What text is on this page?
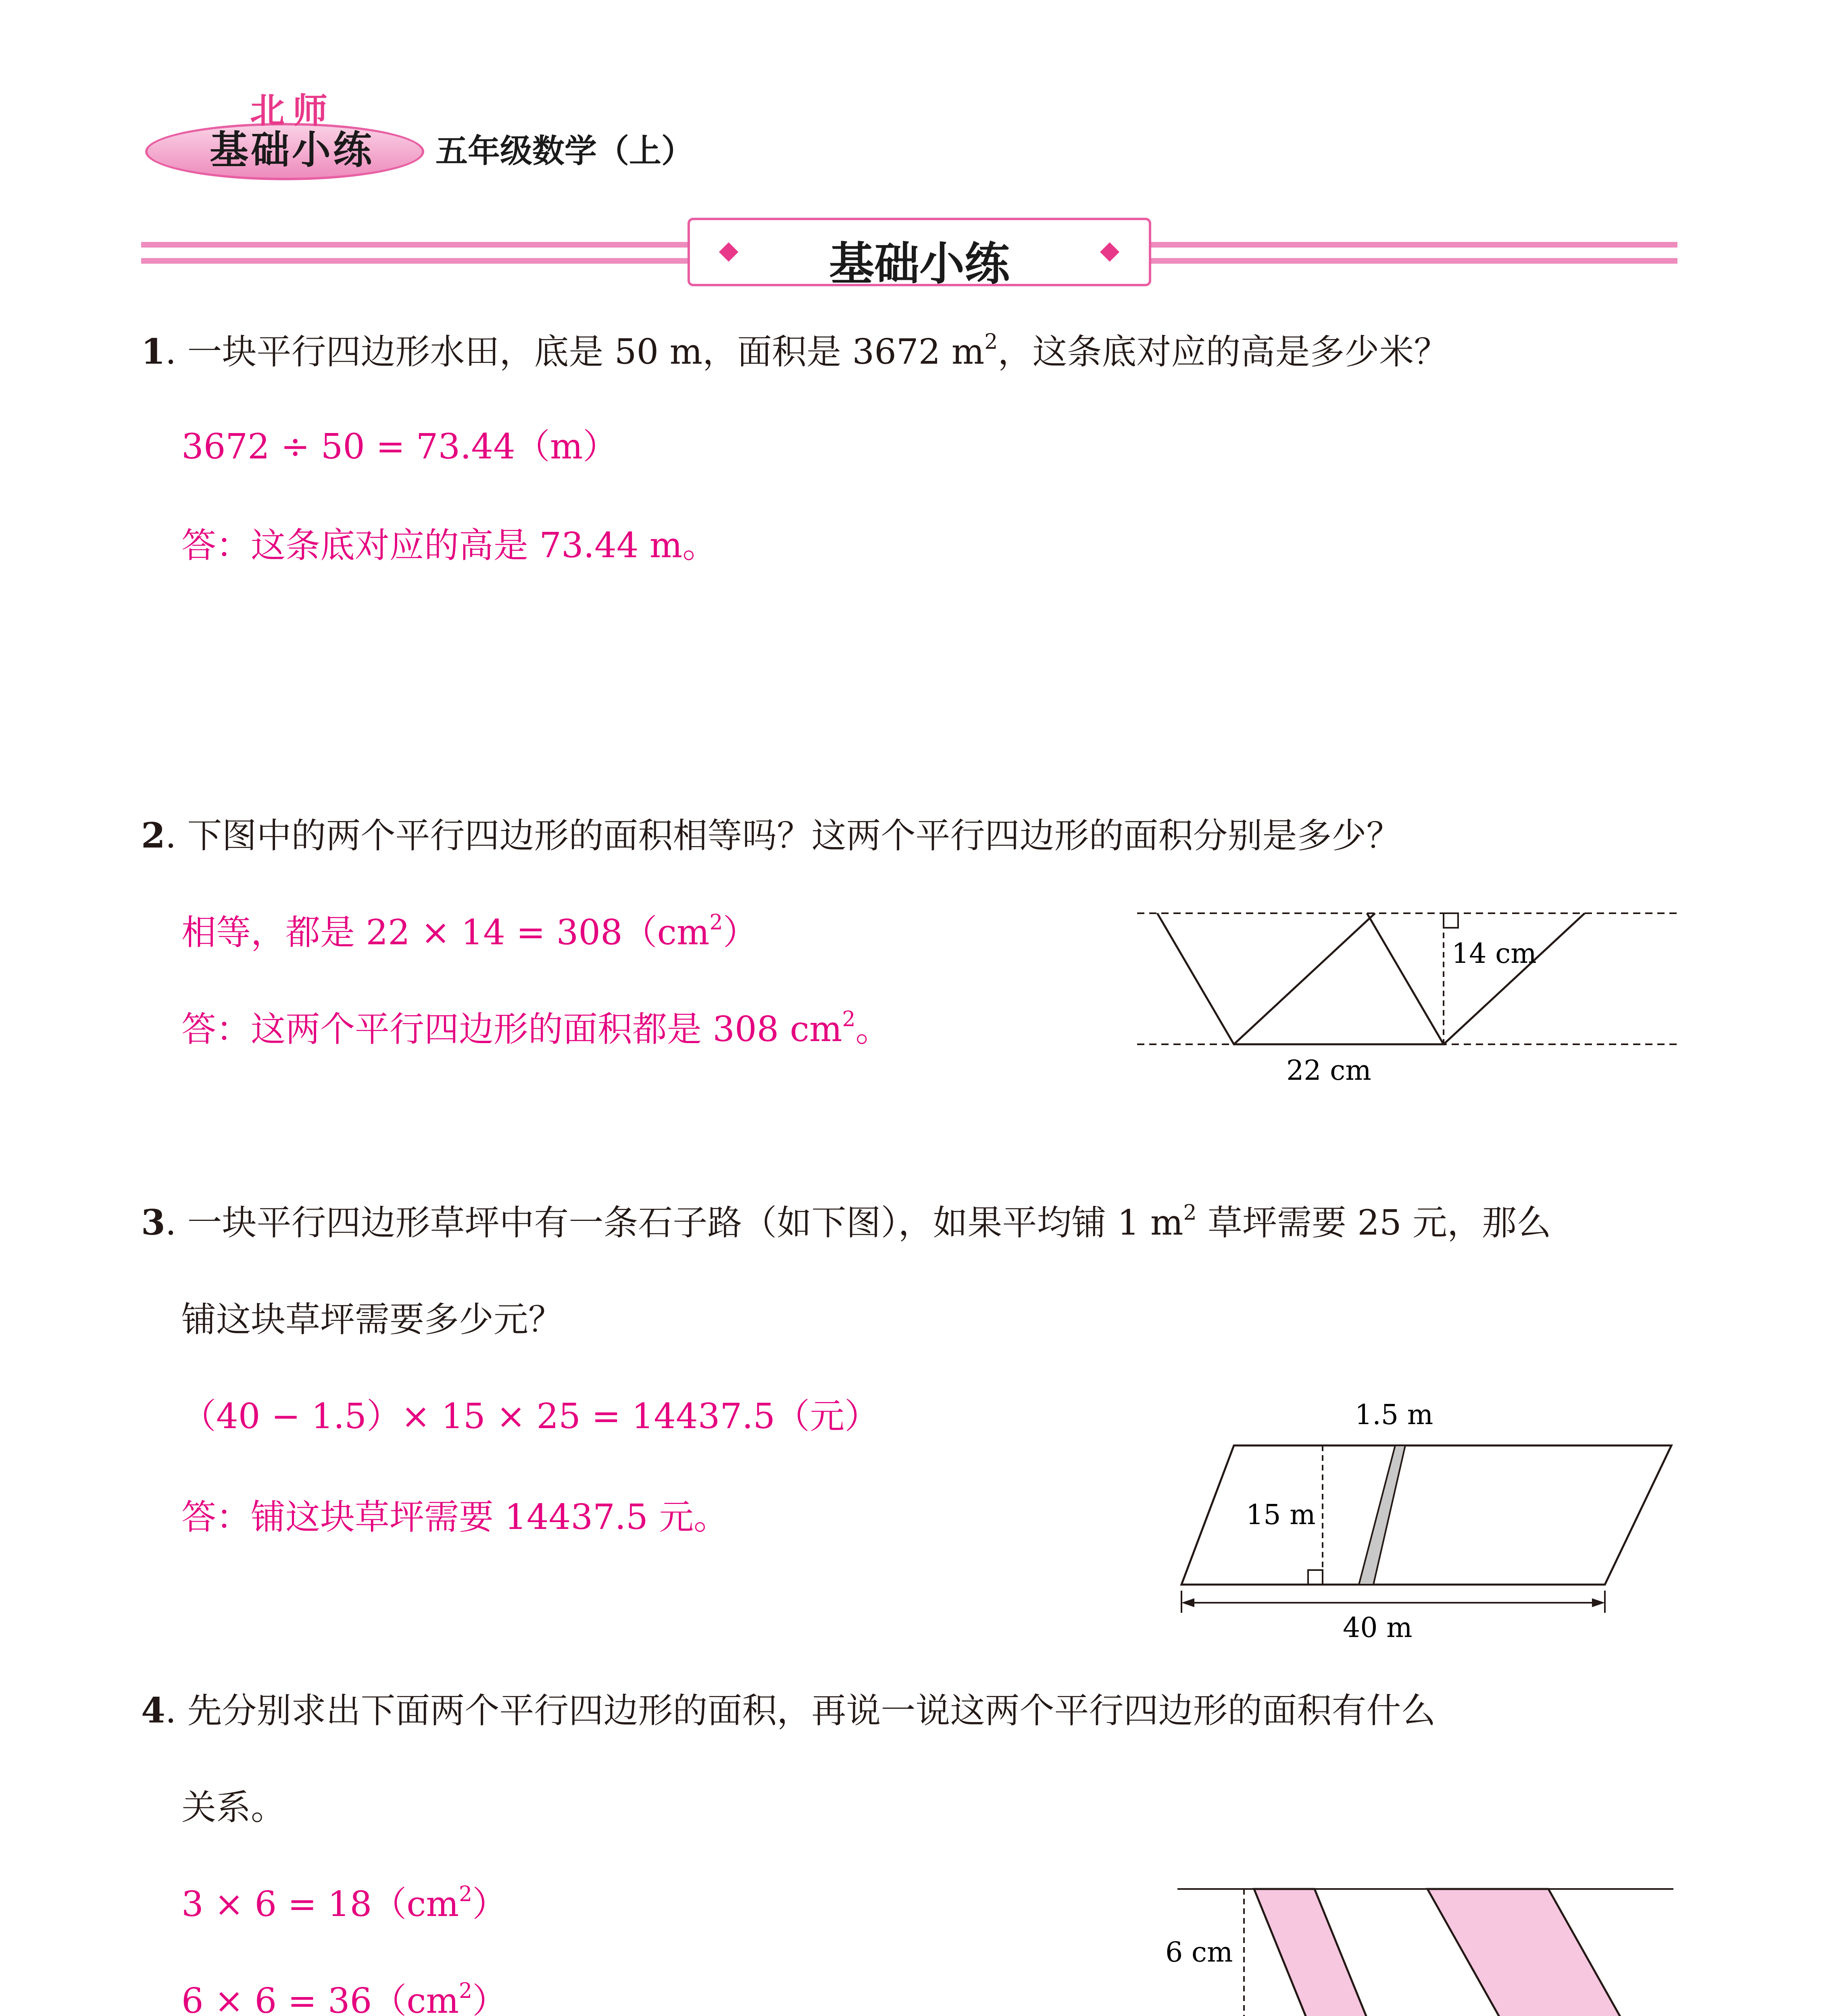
北师
基础小练 五年级数学（上）
基础小练
1. 一块平行四边形水田，底是 50 m，面积是 3672 $m^2$，这条底对应的高是多少米？
3672 ÷ 50 = 73.44（m）
答：这条底对应的高是 73.44 m。
2. 下图中的两个平行四边形的面积相等吗？这两个平行四边形的面积分别是多少？
相等，都是 $22 \times 14 = 308(cm^2)$
答：这两个平行四边形的面积都是 308 $cm^2$。
14 cm
22 cm
3. 一块平行四边形草坪中有一条石子路（如下图），如果平均铺 1 $m^2$ 草坪需要 25 元，那么
铺这块草坪需要多少元？
（40 − 1.5）× 15 × 25 = 14437.5（元）
答：铺这块草坪需要 14437.5 元。
1.5 m
15 m
40 m
4. 先分别求出下面两个平行四边形的面积，再说一说这两个平行四边形的面积有什么
关系。
$3 \times 6 = 18(cm^2)$
$6 \times 6 = 36(cm^2)$
6 cm
